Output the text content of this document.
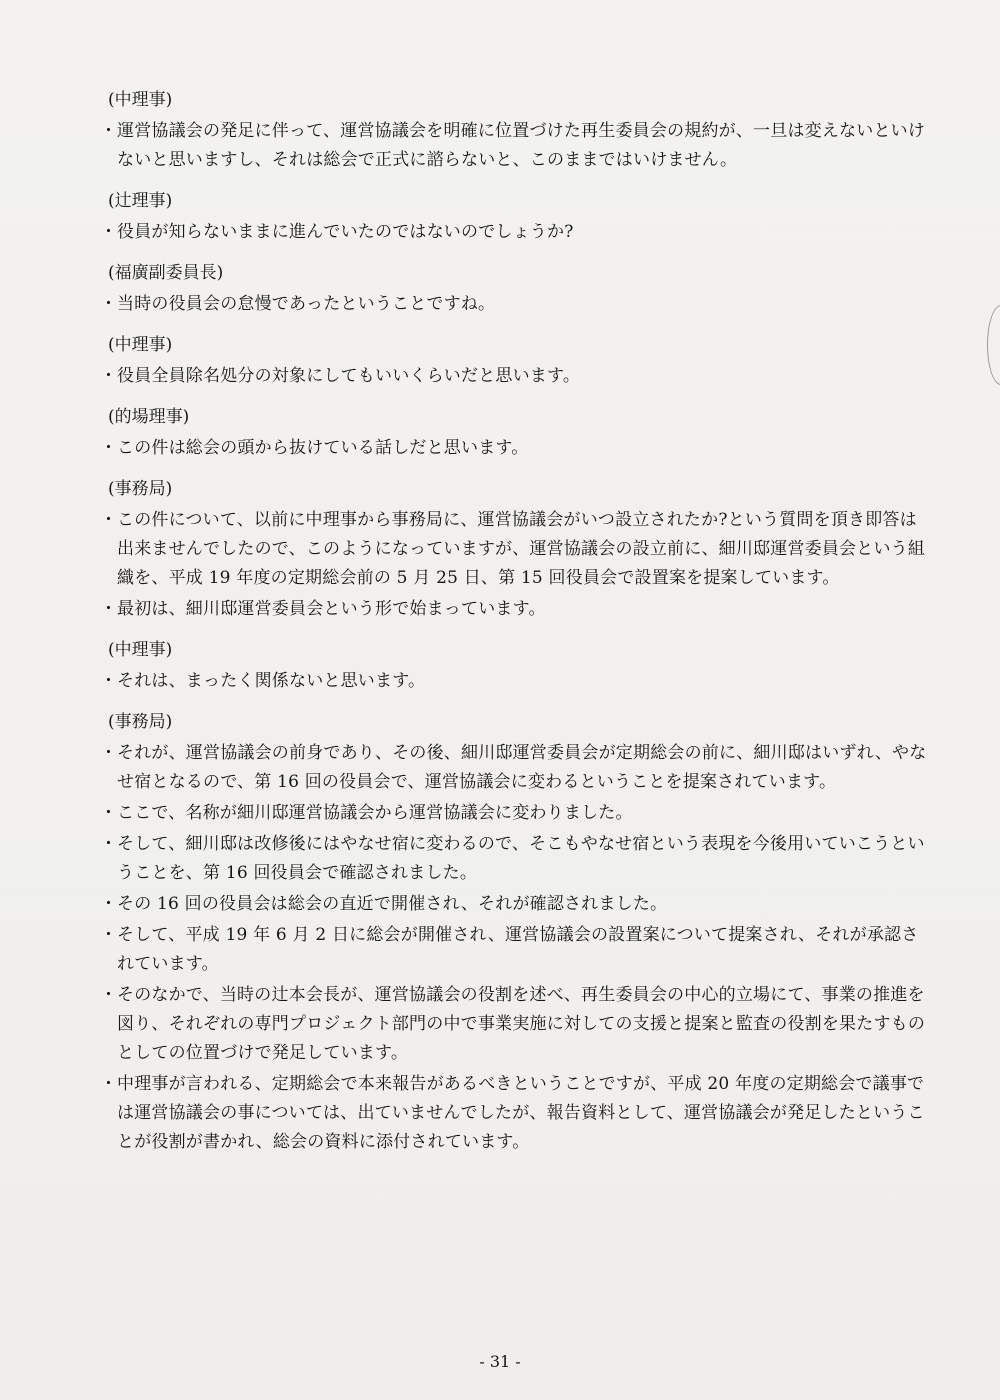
(中理事)
・ 運営協議会の発足に伴って、運営協議会を明確に位置づけた再生委員会の規約が、一旦は変えないといけないと思いますし、それは総会で正式に諮らないと、このままではいけません。
(辻理事)
・ 役員が知らないままに進んでいたのではないのでしょうか?
(福廣副委員長)
・ 当時の役員会の怠慢であったということですね。
(中理事)
・ 役員全員除名処分の対象にしてもいいくらいだと思います。
(的場理事)
・ この件は総会の頭から抜けている話しだと思います。
(事務局)
・ この件について、以前に中理事から事務局に、運営協議会がいつ設立されたか?という質問を頂き即答は出来ませんでしたので、このようになっていますが、運営協議会の設立前に、細川邸運営委員会という組織を、平成 19 年度の定期総会前の 5 月 25 日、第 15 回役員会で設置案を提案しています。
・ 最初は、細川邸運営委員会という形で始まっています。
(中理事)
・ それは、まったく関係ないと思います。
(事務局)
・ それが、運営協議会の前身であり、その後、細川邸運営委員会が定期総会の前に、細川邸はいずれ、やなせ宿となるので、第 16 回の役員会で、運営協議会に変わるということを提案されています。
・ ここで、名称が細川邸運営協議会から運営協議会に変わりました。
・ そして、細川邸は改修後にはやなせ宿に変わるので、そこもやなせ宿という表現を今後用いていこうということを、第 16 回役員会で確認されました。
・ その 16 回の役員会は総会の直近で開催され、それが確認されました。
・ そして、平成 19 年 6 月 2 日に総会が開催され、運営協議会の設置案について提案され、それが承認されています。
・ そのなかで、当時の辻本会長が、運営協議会の役割を述べ、再生委員会の中心的立場にて、事業の推進を図り、それぞれの専門プロジェクト部門の中で事業実施に対しての支援と提案と監査の役割を果たすものとしての位置づけで発足しています。
・ 中理事が言われる、定期総会で本来報告があるべきということですが、平成 20 年度の定期総会で議事では運営協議会の事については、出ていませんでしたが、報告資料として、運営協議会が発足したということが役割が書かれ、総会の資料に添付されています。
- 31 -
